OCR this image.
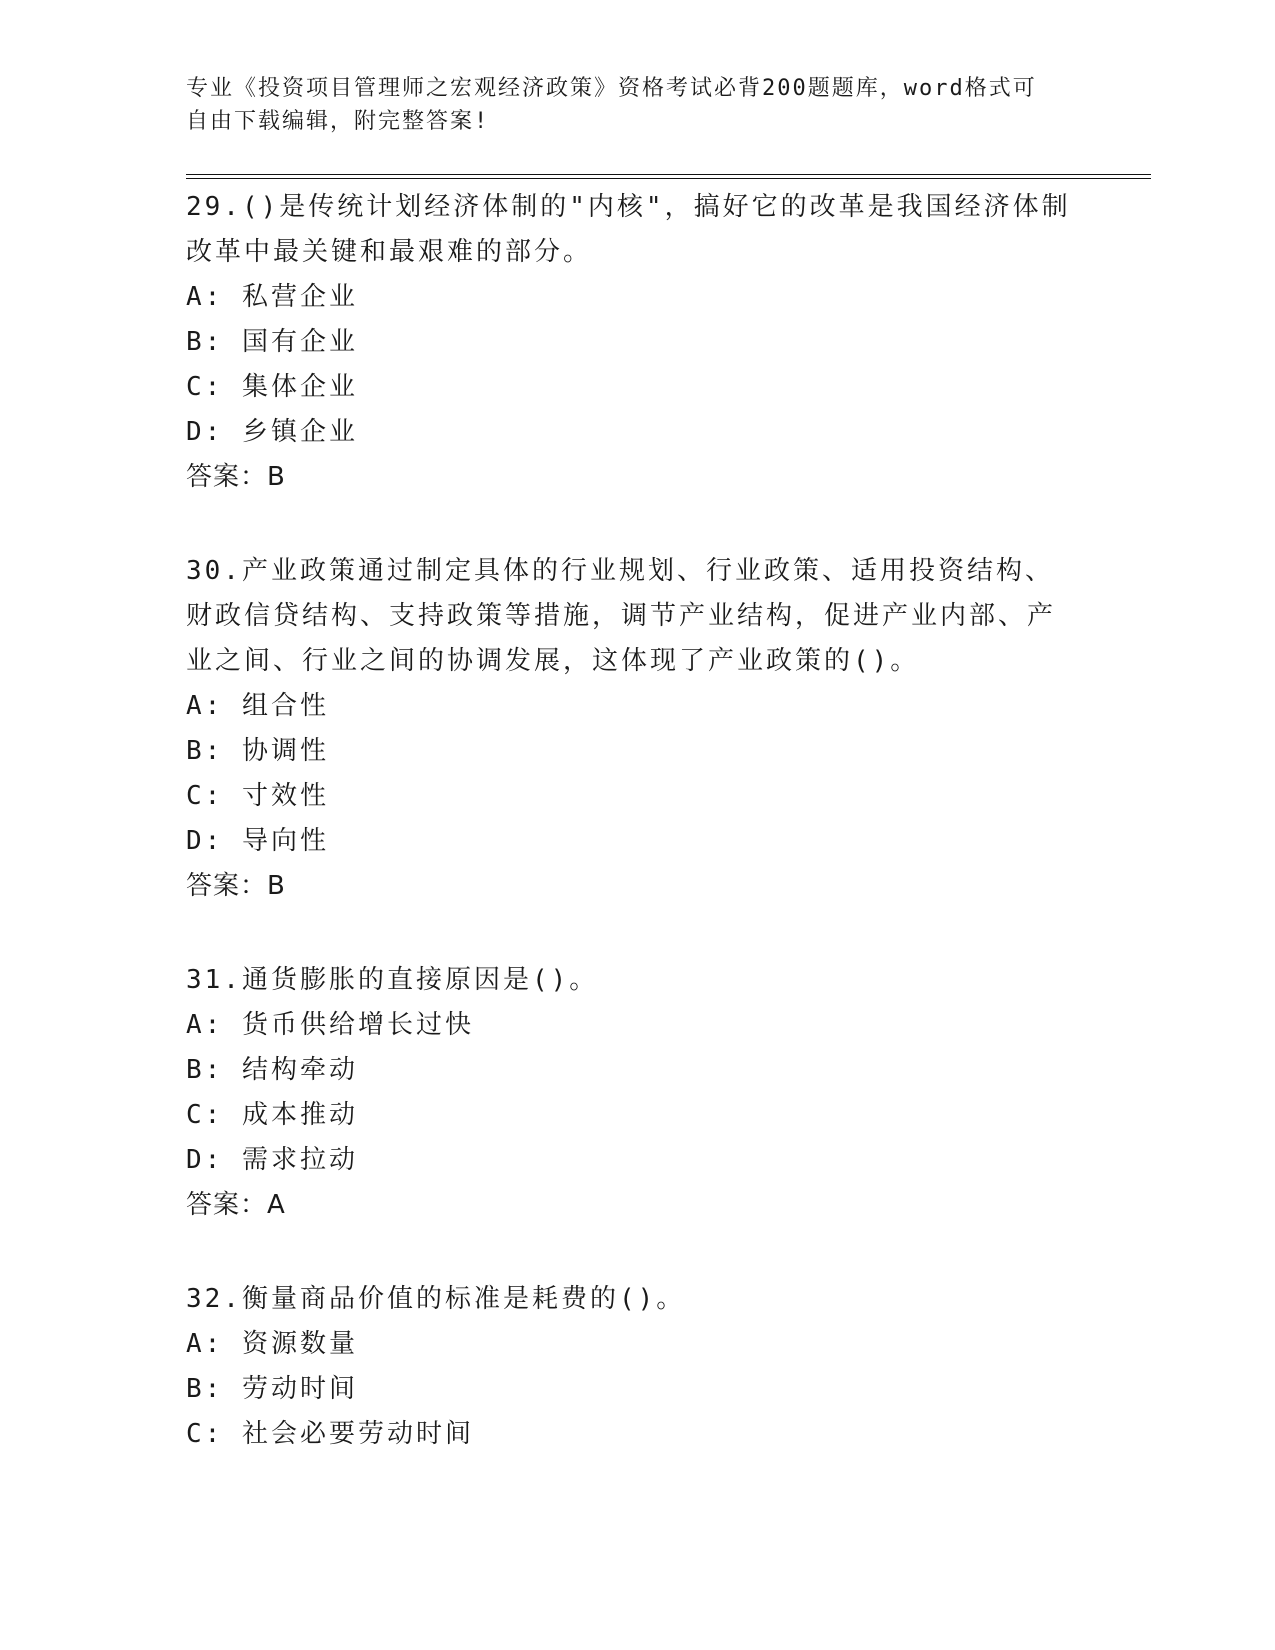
专业《投资项目管理师之宏观经济政策》资格考试必背200题题库，word格式可自由下载编辑，附完整答案!
29.()是传统计划经济体制的"内核"，搞好它的改革是我国经济体制改革中最关键和最艰难的部分。
A: 私营企业
B: 国有企业
C: 集体企业
D: 乡镇企业
答案：B
30.产业政策通过制定具体的行业规划、行业政策、适用投资结构、财政信贷结构、支持政策等措施，调节产业结构，促进产业内部、产业之间、行业之间的协调发展，这体现了产业政策的()。
A: 组合性
B: 协调性
C: 寸效性
D: 导向性
答案：B
31.通货膨胀的直接原因是()。
A: 货币供给增长过快
B: 结构牵动
C: 成本推动
D: 需求拉动
答案：A
32.衡量商品价值的标准是耗费的()。
A: 资源数量
B: 劳动时间
C: 社会必要劳动时间
